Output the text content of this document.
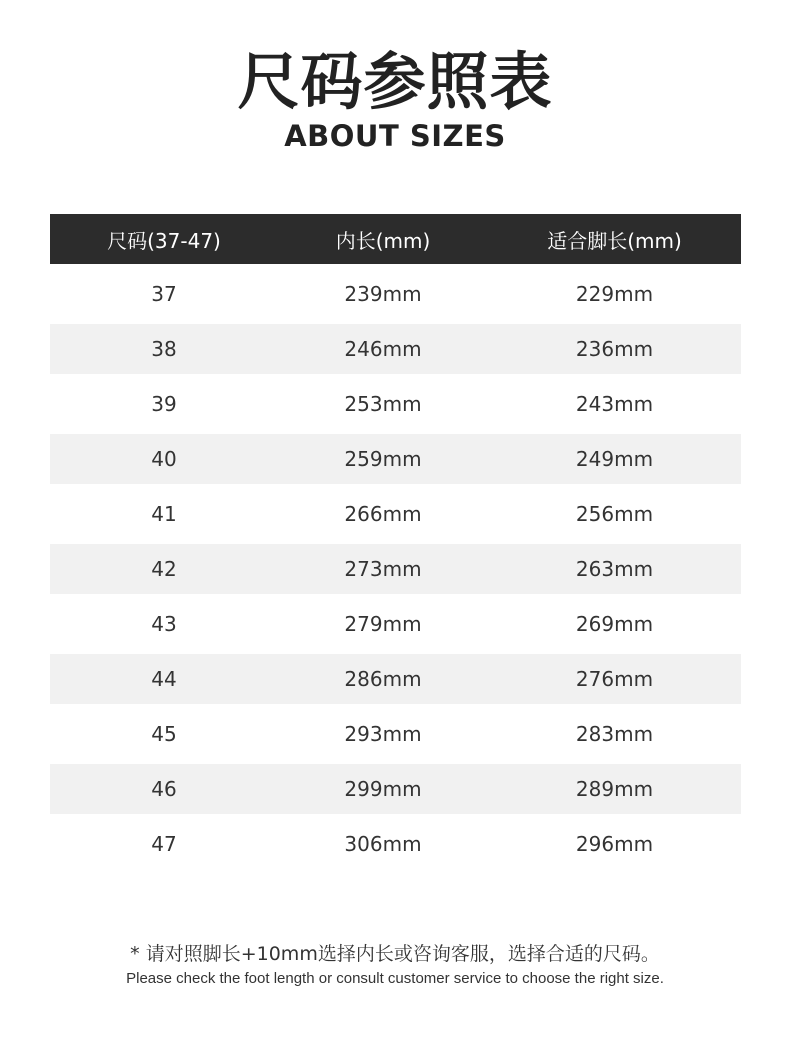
尺码参照表
ABOUT SIZES
尺码(37-47)	内长(mm)	适合脚长(mm)
37	239mm	229mm
38	246mm	236mm
39	253mm	243mm
40	259mm	249mm
41	266mm	256mm
42	273mm	263mm
43	279mm	269mm
44	286mm	276mm
45	293mm	283mm
46	299mm	289mm
47	306mm	296mm
* 请对照脚长+10mm选择内长或咨询客服，选择合适的尺码。
Please check the foot length or consult customer service to choose the right size.
